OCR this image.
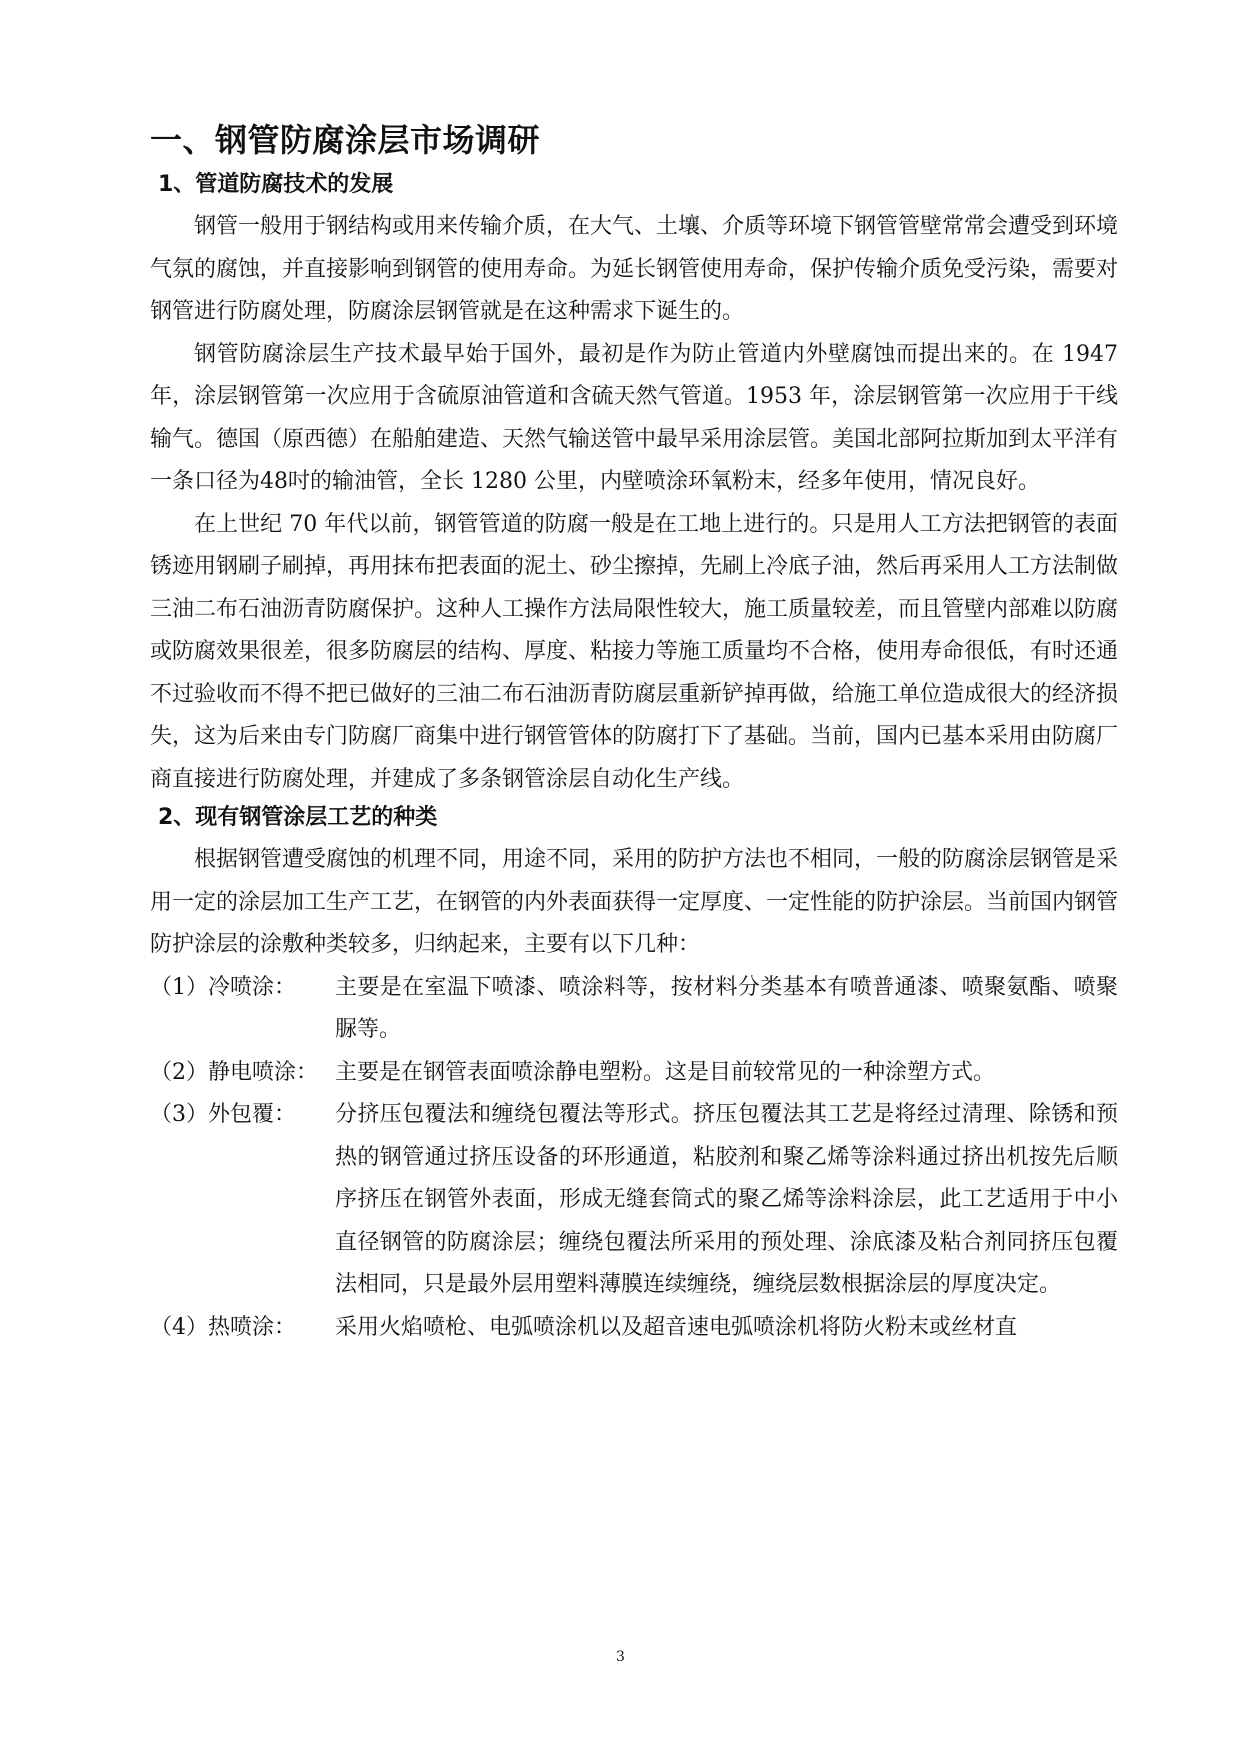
一、钢管防腐涂层市场调研
1、管道防腐技术的发展

钢管一般用于钢结构或用来传输介质，在大气、土壤、介质等环境下钢管管壁常常会遭受到环境气氛的腐蚀，并直接影响到钢管的使用寿命。为延长钢管使用寿命，保护传输介质免受污染，需要对钢管进行防腐处理，防腐涂层钢管就是在这种需求下诞生的。

钢管防腐涂层生产技术最早始于国外，最初是作为防止管道内外壁腐蚀而提出来的。在 1947 年，涂层钢管第一次应用于含硫原油管道和含硫天然气管道。1953 年，涂层钢管第一次应用于干线输气。德国（原西德）在船舶建造、天然气输送管中最早采用涂层管。美国北部阿拉斯加到太平洋有一条口径为48吋的输油管，全长 1280 公里，内壁喷涂环氧粉末，经多年使用，情况良好。

在上世纪 70 年代以前，钢管管道的防腐一般是在工地上进行的。只是用人工方法把钢管的表面锈迹用钢刷子刷掉，再用抹布把表面的泥土、砂尘擦掉，先刷上冷底子油，然后再采用人工方法制做三油二布石油沥青防腐保护。这种人工操作方法局限性较大，施工质量较差，而且管壁内部难以防腐或防腐效果很差，很多防腐层的结构、厚度、粘接力等施工质量均不合格，使用寿命很低，有时还通不过验收而不得不把已做好的三油二布石油沥青防腐层重新铲掉再做，给施工单位造成很大的经济损失，这为后来由专门防腐厂商集中进行钢管管体的防腐打下了基础。当前，国内已基本采用由防腐厂商直接进行防腐处理，并建成了多条钢管涂层自动化生产线。

2、现有钢管涂层工艺的种类

根据钢管遭受腐蚀的机理不同，用途不同，采用的防护方法也不相同，一般的防腐涂层钢管是采用一定的涂层加工生产工艺，在钢管的内外表面获得一定厚度、一定性能的防护涂层。当前国内钢管防护涂层的涂敷种类较多，归纳起来，主要有以下几种：

（1）冷喷涂：	主要是在室温下喷漆、喷涂料等，按材料分类基本有喷普通漆、喷聚氨酯、喷聚脲等。
（2）静电喷涂： 主要是在钢管表面喷涂静电塑粉。这是目前较常见的一种涂塑方式。
（3）外包覆：	分挤压包覆法和缠绕包覆法等形式。挤压包覆法其工艺是将经过清理、除锈和预热的钢管通过挤压设备的环形通道，粘胶剂和聚乙烯等涂料通过挤出机按先后顺序挤压在钢管外表面，形成无缝套筒式的聚乙烯等涂料涂层，此工艺适用于中小直径钢管的防腐涂层；缠绕包覆法所采用的预处理、涂底漆及粘合剂同挤压包覆法相同，只是最外层用塑料薄膜连续缠绕，缠绕层数根据涂层的厚度决定。
（4）热喷涂：	采用火焰喷枪、电弧喷涂机以及超音速电弧喷涂机将防火粉末或丝材直
3
